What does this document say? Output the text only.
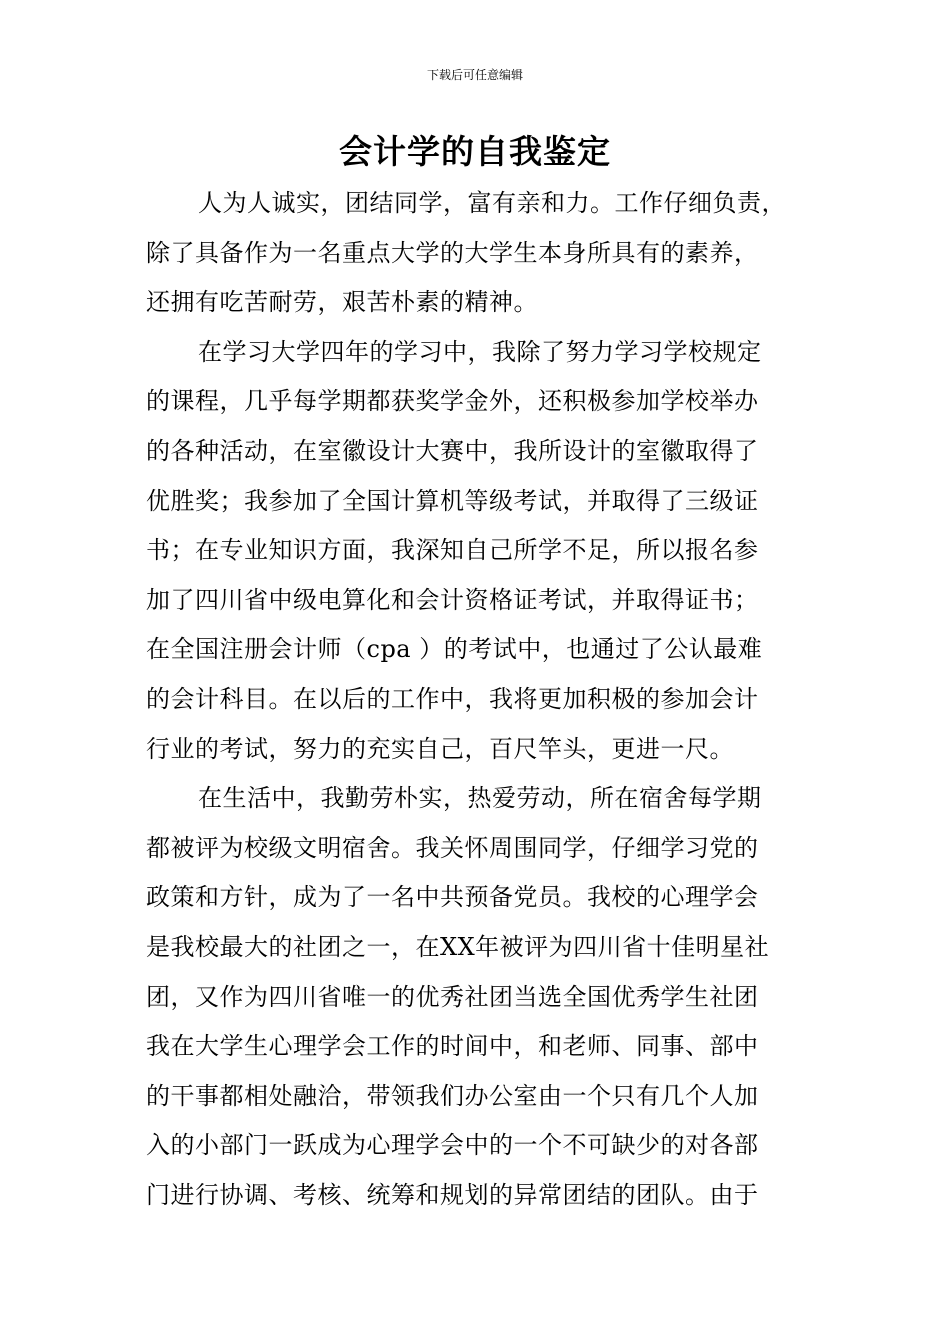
下载后可任意编辑
会计学的自我鉴定
人为人诚实，团结同学，富有亲和力。工作仔细负责，
除了具备作为一名重点大学的大学生本身所具有的素养，
还拥有吃苦耐劳，艰苦朴素的精神。
在学习大学四年的学习中，我除了努力学习学校规定
的课程，几乎每学期都获奖学金外，还积极参加学校举办
的各种活动，在室徽设计大赛中，我所设计的室徽取得了
优胜奖；我参加了全国计算机等级考试，并取得了三级证
书；在专业知识方面，我深知自己所学不足，所以报名参
加了四川省中级电算化和会计资格证考试，并取得证书；
在全国注册会计师（cpa ）的考试中，也通过了公认最难
的会计科目。在以后的工作中，我将更加积极的参加会计
行业的考试，努力的充实自己，百尺竿头，更进一尺。
在生活中，我勤劳朴实，热爱劳动，所在宿舍每学期
都被评为校级文明宿舍。我关怀周围同学，仔细学习党的
政策和方针，成为了一名中共预备党员。我校的心理学会
是我校最大的社团之一，在XX年被评为四川省十佳明星社
团，又作为四川省唯一的优秀社团当选全国优秀学生社团
我在大学生心理学会工作的时间中，和老师、同事、部中
的干事都相处融洽，带领我们办公室由一个只有几个人加
入的小部门一跃成为心理学会中的一个不可缺少的对各部
门进行协调、考核、统筹和规划的异常团结的团队。由于
